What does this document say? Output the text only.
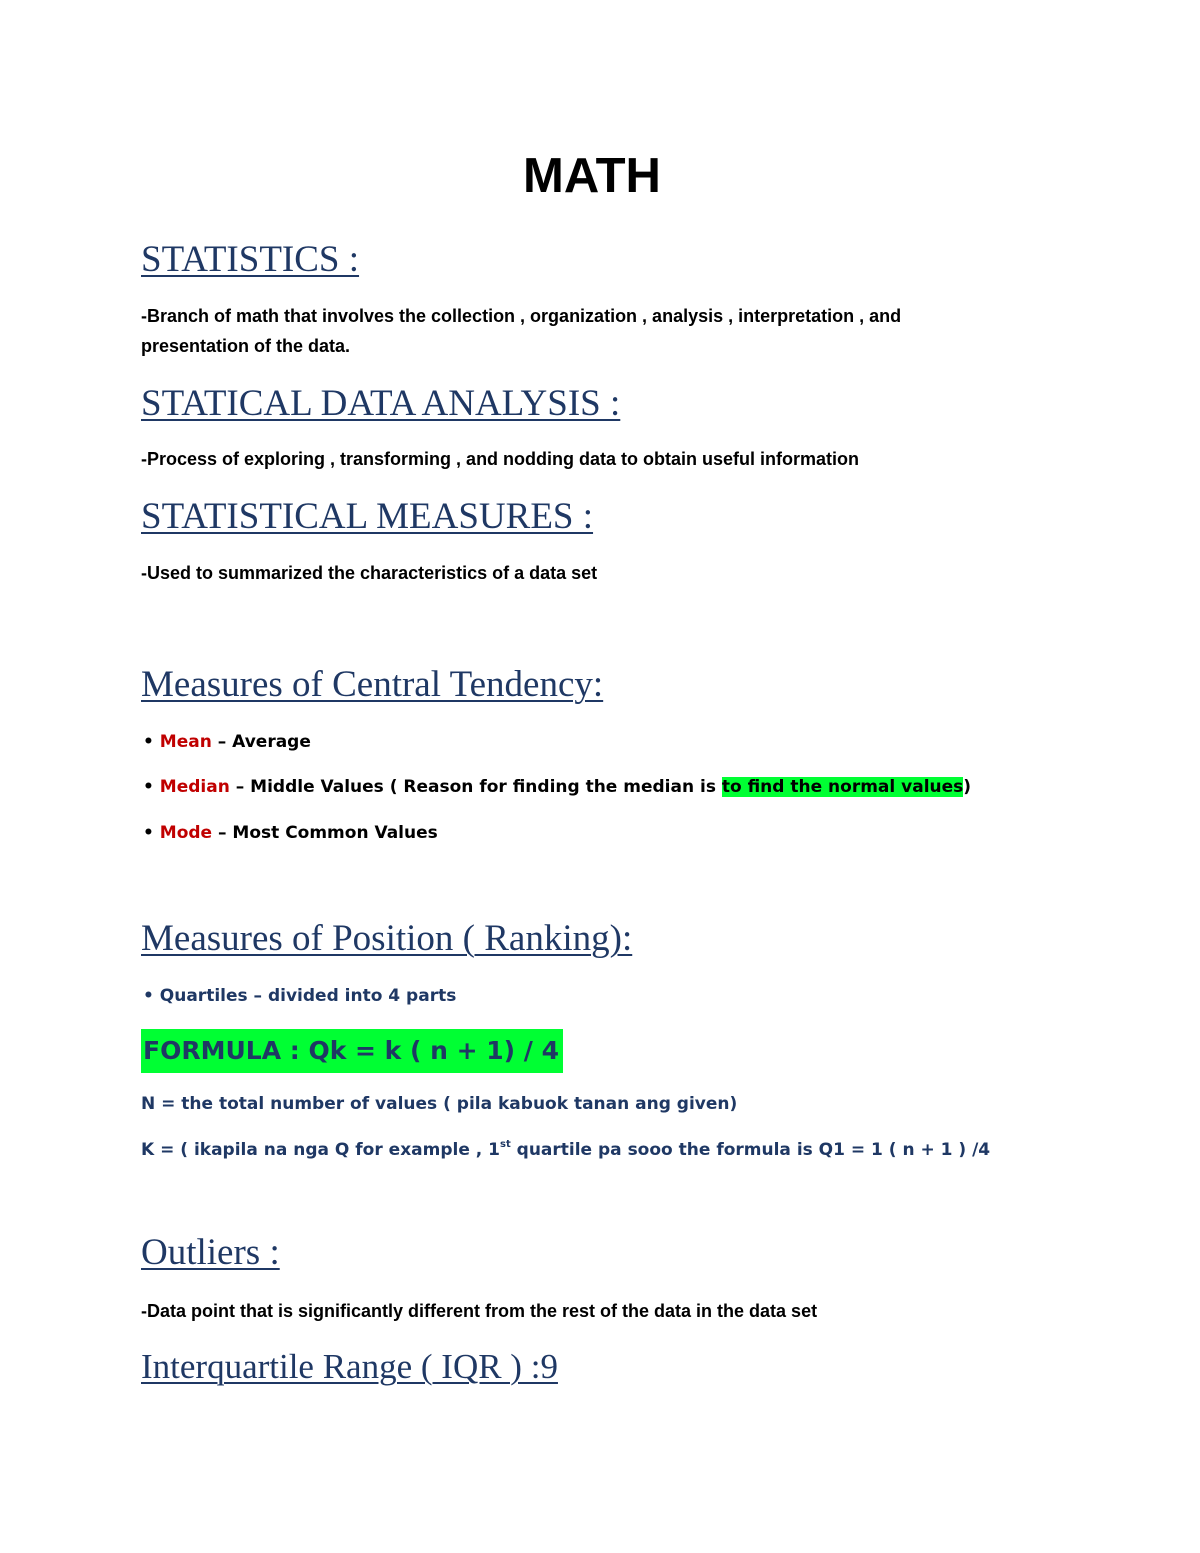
MATH
STATISTICS :
-Branch of math that involves the collection , organization , analysis , interpretation , and
presentation of the data.
STATICAL DATA ANALYSIS :
-Process of exploring , transforming , and nodding data to obtain useful information
STATISTICAL MEASURES :
-Used to summarized the characteristics of a data set
Measures of Central Tendency:
• Mean – Average
• Median – Middle Values ( Reason for finding the median is to find the normal values)
• Mode – Most Common Values
Measures of Position ( Ranking):
• Quartiles – divided into 4 parts
FORMULA : Qk = k ( n + 1) / 4
N = the total number of values ( pila kabuok tanan ang given)
K = ( ikapila na nga Q for example , 1st quartile pa sooo the formula is Q1 = 1 ( n + 1 ) /4
Outliers :
-Data point that is significantly different from the rest of the data in the data set
Interquartile Range ( IQR ) :9
